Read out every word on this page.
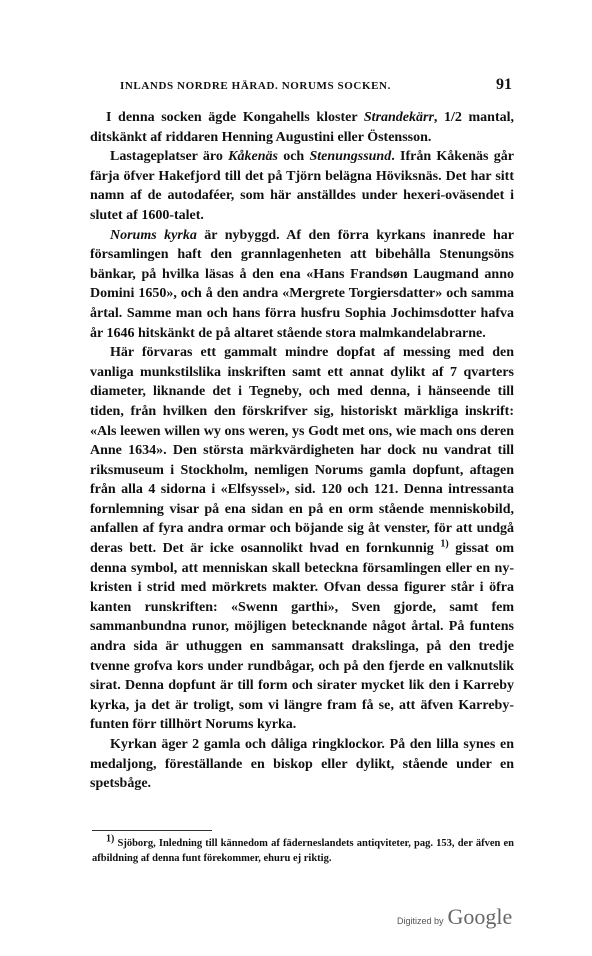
INLANDS NORDRE HÄRAD. NORUMS SOCKEN.	91

I denna socken ägde Kongahells kloster Strandekärr, 1/2 mantal, ditskänkt af riddaren Henning Augustini eller Östensson.

Lastageplatser äro Kåkenäs och Stenungssund. Ifrån Kåkenäs går färja öfver Hakefjord till det på Tjörn belägna Höviksnäs. Det har sitt namn af de autodaféer, som här anställdes under hexeri-oväsendet i slutet af 1600-talet.

Norums kyrka är nybyggd. Af den förra kyrkans inanrede har församlingen haft den grannlagenheten att bibehålla Stenungsöns bänkar, på hvilka läsas å den ena «Hans Frandsøn Laugmand anno Domini 1650», och å den andra «Mergrete Torgiersdatter» och samma årtal. Samme man och hans förra husfru Sophia Jochimsdotter hafva år 1646 hitskänkt de på altaret stående stora malmkandelabrarne.

Här förvaras ett gammalt mindre dopfat af messing med den vanliga munkstilslika inskriften samt ett annat dylikt af 7 qvarters diameter, liknande det i Tegneby, och med denna, i hänseende till tiden, från hvilken den förskrifver sig, historiskt märkliga inskrift: «Als leewen willen wy ons weren, ys Godt met ons, wie mach ons deren Anne 1634». Den största märkvärdigheten har dock nu vandrat till riksmuseum i Stockholm, nemligen Norums gamla dopfunt, aftagen från alla 4 sidorna i «Elfsyssel», sid. 120 och 121. Denna intressanta fornlemning visar på ena sidan en på en orm stående menniskobild, anfallen af fyra andra ormar och böjande sig åt venster, för att undgå deras bett. Det är icke osannolikt hvad en fornkunnig $^{1)}$ gissat om denna symbol, att menniskan skall beteckna församlingen eller en ny-kristen i strid med mörkrets makter. Ofvan dessa figurer står i öfra kanten runskriften: «Swenn garthi», Sven gjorde, samt fem sammanbundna runor, möjligen betecknande något årtal. På funtens andra sida är uthuggen en sammansatt drakslinga, på den tredje tvenne grofva kors under rundbågar, och på den fjerde en valknutslik sirat. Denna dopfunt är till form och sirater mycket lik den i Karreby kyrka, ja det är troligt, som vi längre fram få se, att äfven Karreby-funten förr tillhört Norums kyrka.

Kyrkan äger 2 gamla och dåliga ringklockor. På den lilla synes en medaljong, föreställande en biskop eller dylikt, stående under en spetsbåge.

1) Sjöborg, Inledning till kännedom af fäderneslandets antiqviteter, pag. 153, der äfven en afbildning af denna funt förekommer, ehuru ej riktig.
Digitized by Google
